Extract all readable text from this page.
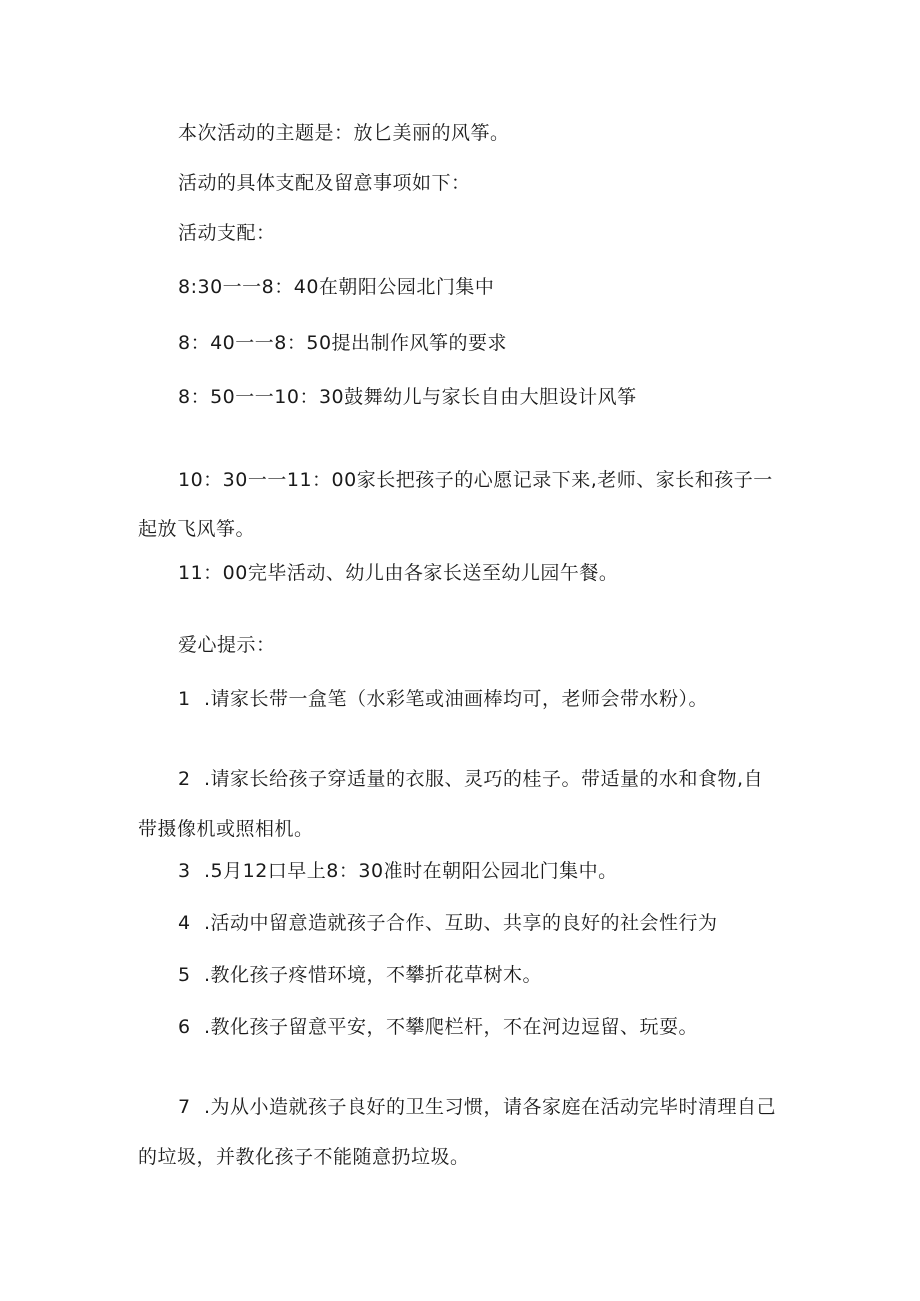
本次活动的主题是：放匕美丽的风筝。
活动的具体支配及留意事项如下：
活动支配：
8:30一一8：40在朝阳公园北门集中
8：40一一8：50提出制作风筝的要求
8：50一一10：30鼓舞幼儿与家长自由大胆设计风筝
10：30一一11：00家长把孩子的心愿记录下来,老师、家长和孩子一起放飞风筝。
11：00完毕活动、幼儿由各家长送至幼儿园午餐。
爱心提示：
1 .请家长带一盒笔（水彩笔或油画棒均可，老师会带水粉）。
2 .请家长给孩子穿适量的衣服、灵巧的桂子。带适量的水和食物,自带摄像机或照相机。
3 .5月12口早上8：30准时在朝阳公园北门集中。
4 .活动中留意造就孩子合作、互助、共享的良好的社会性行为
5 .教化孩子疼惜环境，不攀折花草树木。
6 .教化孩子留意平安，不攀爬栏杆，不在河边逗留、玩耍。
7 .为从小造就孩子良好的卫生习惯，请各家庭在活动完毕时清理自己的垃圾，并教化孩子不能随意扔垃圾。
